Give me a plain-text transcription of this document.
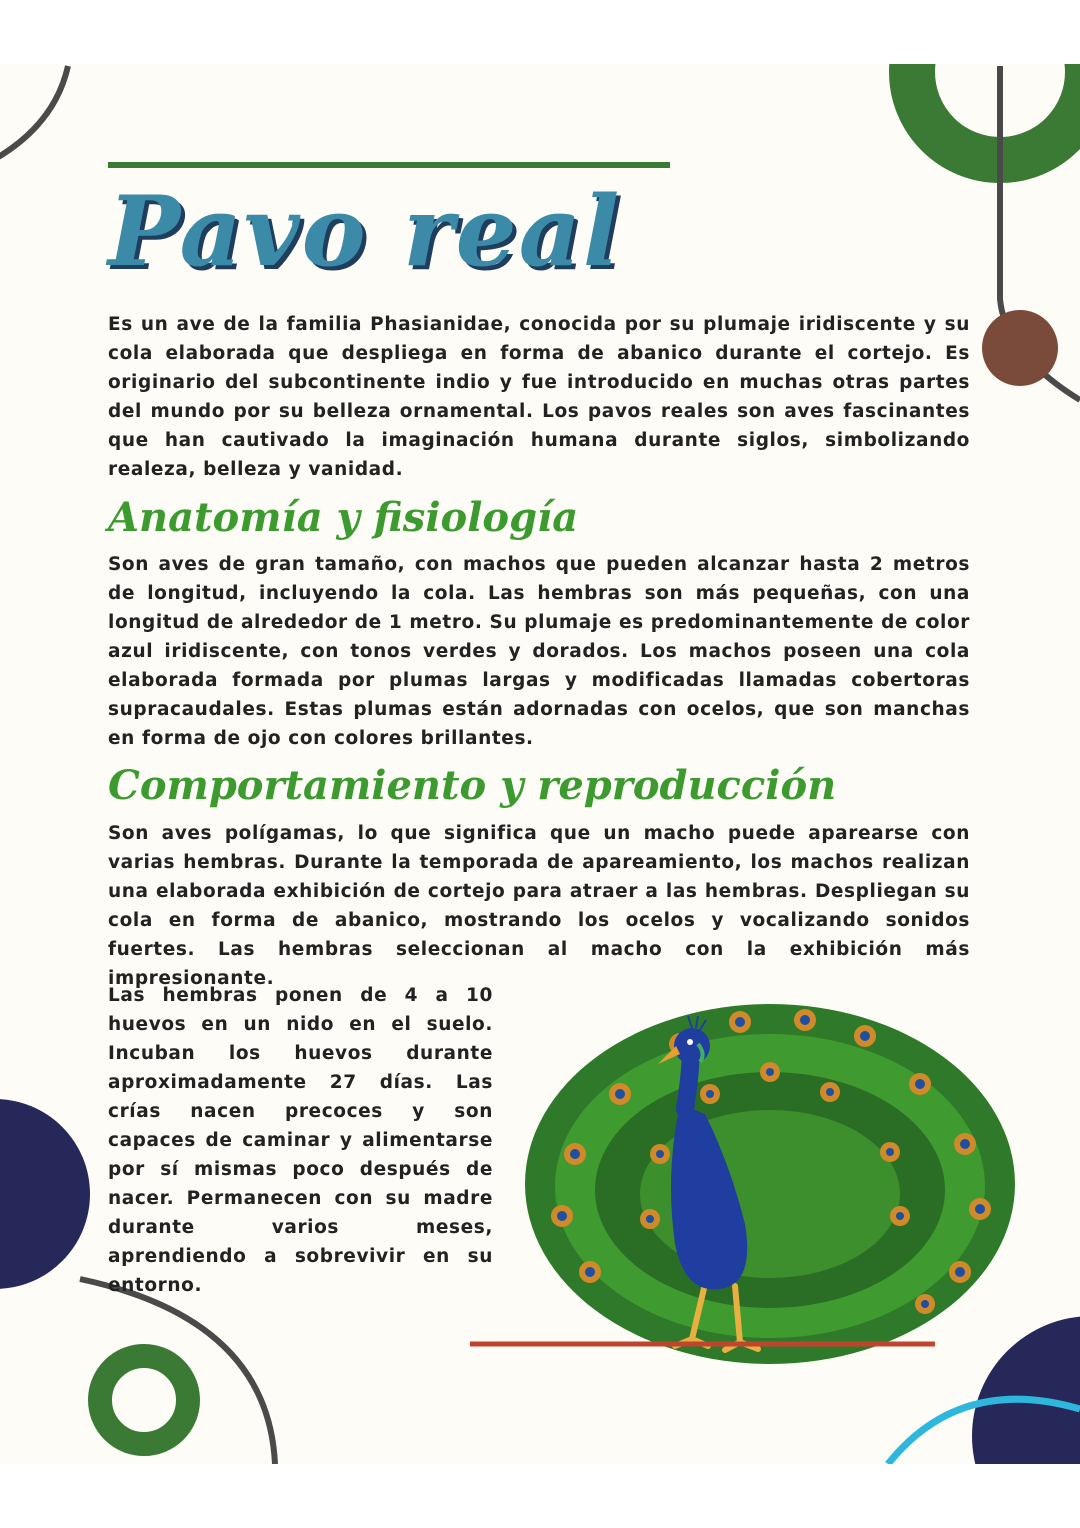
Pavo real

Es un ave de la familia Phasianidae, conocida por su plumaje iridiscente y su cola elaborada que despliega en forma de abanico durante el cortejo. Es originario del subcontinente indio y fue introducido en muchas otras partes del mundo por su belleza ornamental. Los pavos reales son aves fascinantes que han cautivado la imaginación humana durante siglos, simbolizando realeza, belleza y vanidad.

Anatomía y fisiología

Son aves de gran tamaño, con machos que pueden alcanzar hasta 2 metros de longitud, incluyendo la cola. Las hembras son más pequeñas, con una longitud de alrededor de 1 metro. Su plumaje es predominantemente de color azul iridiscente, con tonos verdes y dorados. Los machos poseen una cola elaborada formada por plumas largas y modificadas llamadas cobertoras supracaudales. Estas plumas están adornadas con ocelos, que son manchas en forma de ojo con colores brillantes.

Comportamiento y reproducción

Son aves polígamas, lo que significa que un macho puede aparearse con varias hembras. Durante la temporada de apareamiento, los machos realizan una elaborada exhibición de cortejo para atraer a las hembras. Despliegan su cola en forma de abanico, mostrando los ocelos y vocalizando sonidos fuertes. Las hembras seleccionan al macho con la exhibición más impresionante.

Las hembras ponen de 4 a 10 huevos en un nido en el suelo. Incuban los huevos durante aproximadamente 27 días. Las crías nacen precoces y son capaces de caminar y alimentarse por sí mismas poco después de nacer. Permanecen con su madre durante varios meses, aprendiendo a sobrevivir en su entorno.
